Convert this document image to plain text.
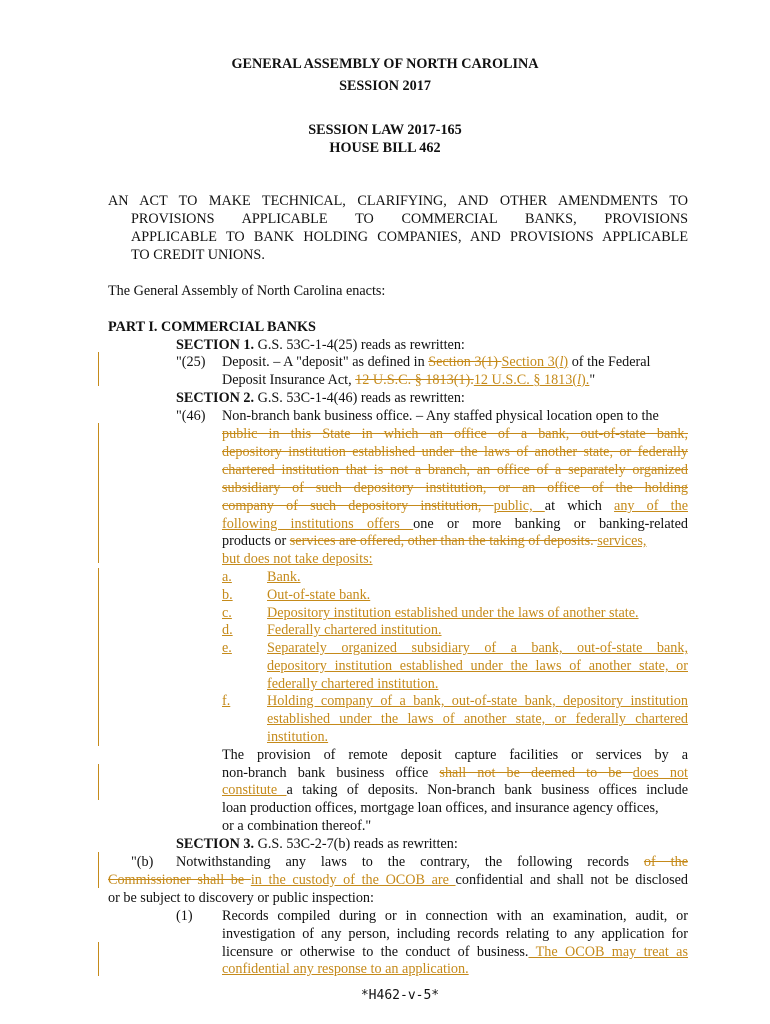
GENERAL ASSEMBLY OF NORTH CAROLINA
SESSION 2017
SESSION LAW 2017-165
HOUSE BILL 462
AN ACT TO MAKE TECHNICAL, CLARIFYING, AND OTHER AMENDMENTS TO
PROVISIONS APPLICABLE TO COMMERCIAL BANKS, PROVISIONS
APPLICABLE TO BANK HOLDING COMPANIES, AND PROVISIONS APPLICABLE
TO CREDIT UNIONS.
The General Assembly of North Carolina enacts:
PART I. COMMERCIAL BANKS
SECTION 1. G.S. 53C-1-4(25) reads as rewritten:
"(25) Deposit. – A "deposit" as defined in Section 3(1) Section 3(l) of the Federal
Deposit Insurance Act, 12 U.S.C. § 1813(1).12 U.S.C. § 1813(l)."
SECTION 2. G.S. 53C-1-4(46) reads as rewritten:
"(46) Non-branch bank business office. – Any staffed physical location open to the
public in this State in which an office of a bank, out-of-state bank,
depository institution established under the laws of another state, or federally
chartered institution that is not a branch, an office of a separately organized
subsidiary of such depository institution, or an office of the holding
company of such depository institution, public, at which any of the
following institutions offers one or more banking or banking-related
products or services are offered, other than the taking of deposits. services,
but does not take deposits:
a. Bank.
b. Out-of-state bank.
c. Depository institution established under the laws of another state.
d. Federally chartered institution.
e. Separately organized subsidiary of a bank, out-of-state bank,
depository institution established under the laws of another state, or
federally chartered institution.
f.	Holding company of a bank, out-of-state bank, depository institution
established under the laws of another state, or federally chartered
institution.
The provision of remote deposit capture facilities or services by a
non-branch bank business office shall not be deemed to be does not
constitute a taking of deposits. Non-branch bank business offices include
loan production offices, mortgage loan offices, and insurance agency offices,
or a combination thereof."
SECTION 3. G.S. 53C-2-7(b) reads as rewritten:
"(b) Notwithstanding any laws to the contrary, the following records of the
Commissioner shall be in the custody of the OCOB are confidential and shall not be disclosed
or be subject to discovery or public inspection:
(1) Records compiled during or in connection with an examination, audit, or
investigation of any person, including records relating to any application for
licensure or otherwise to the conduct of business. The OCOB may treat as
confidential any response to an application.
*H462-v-5*
